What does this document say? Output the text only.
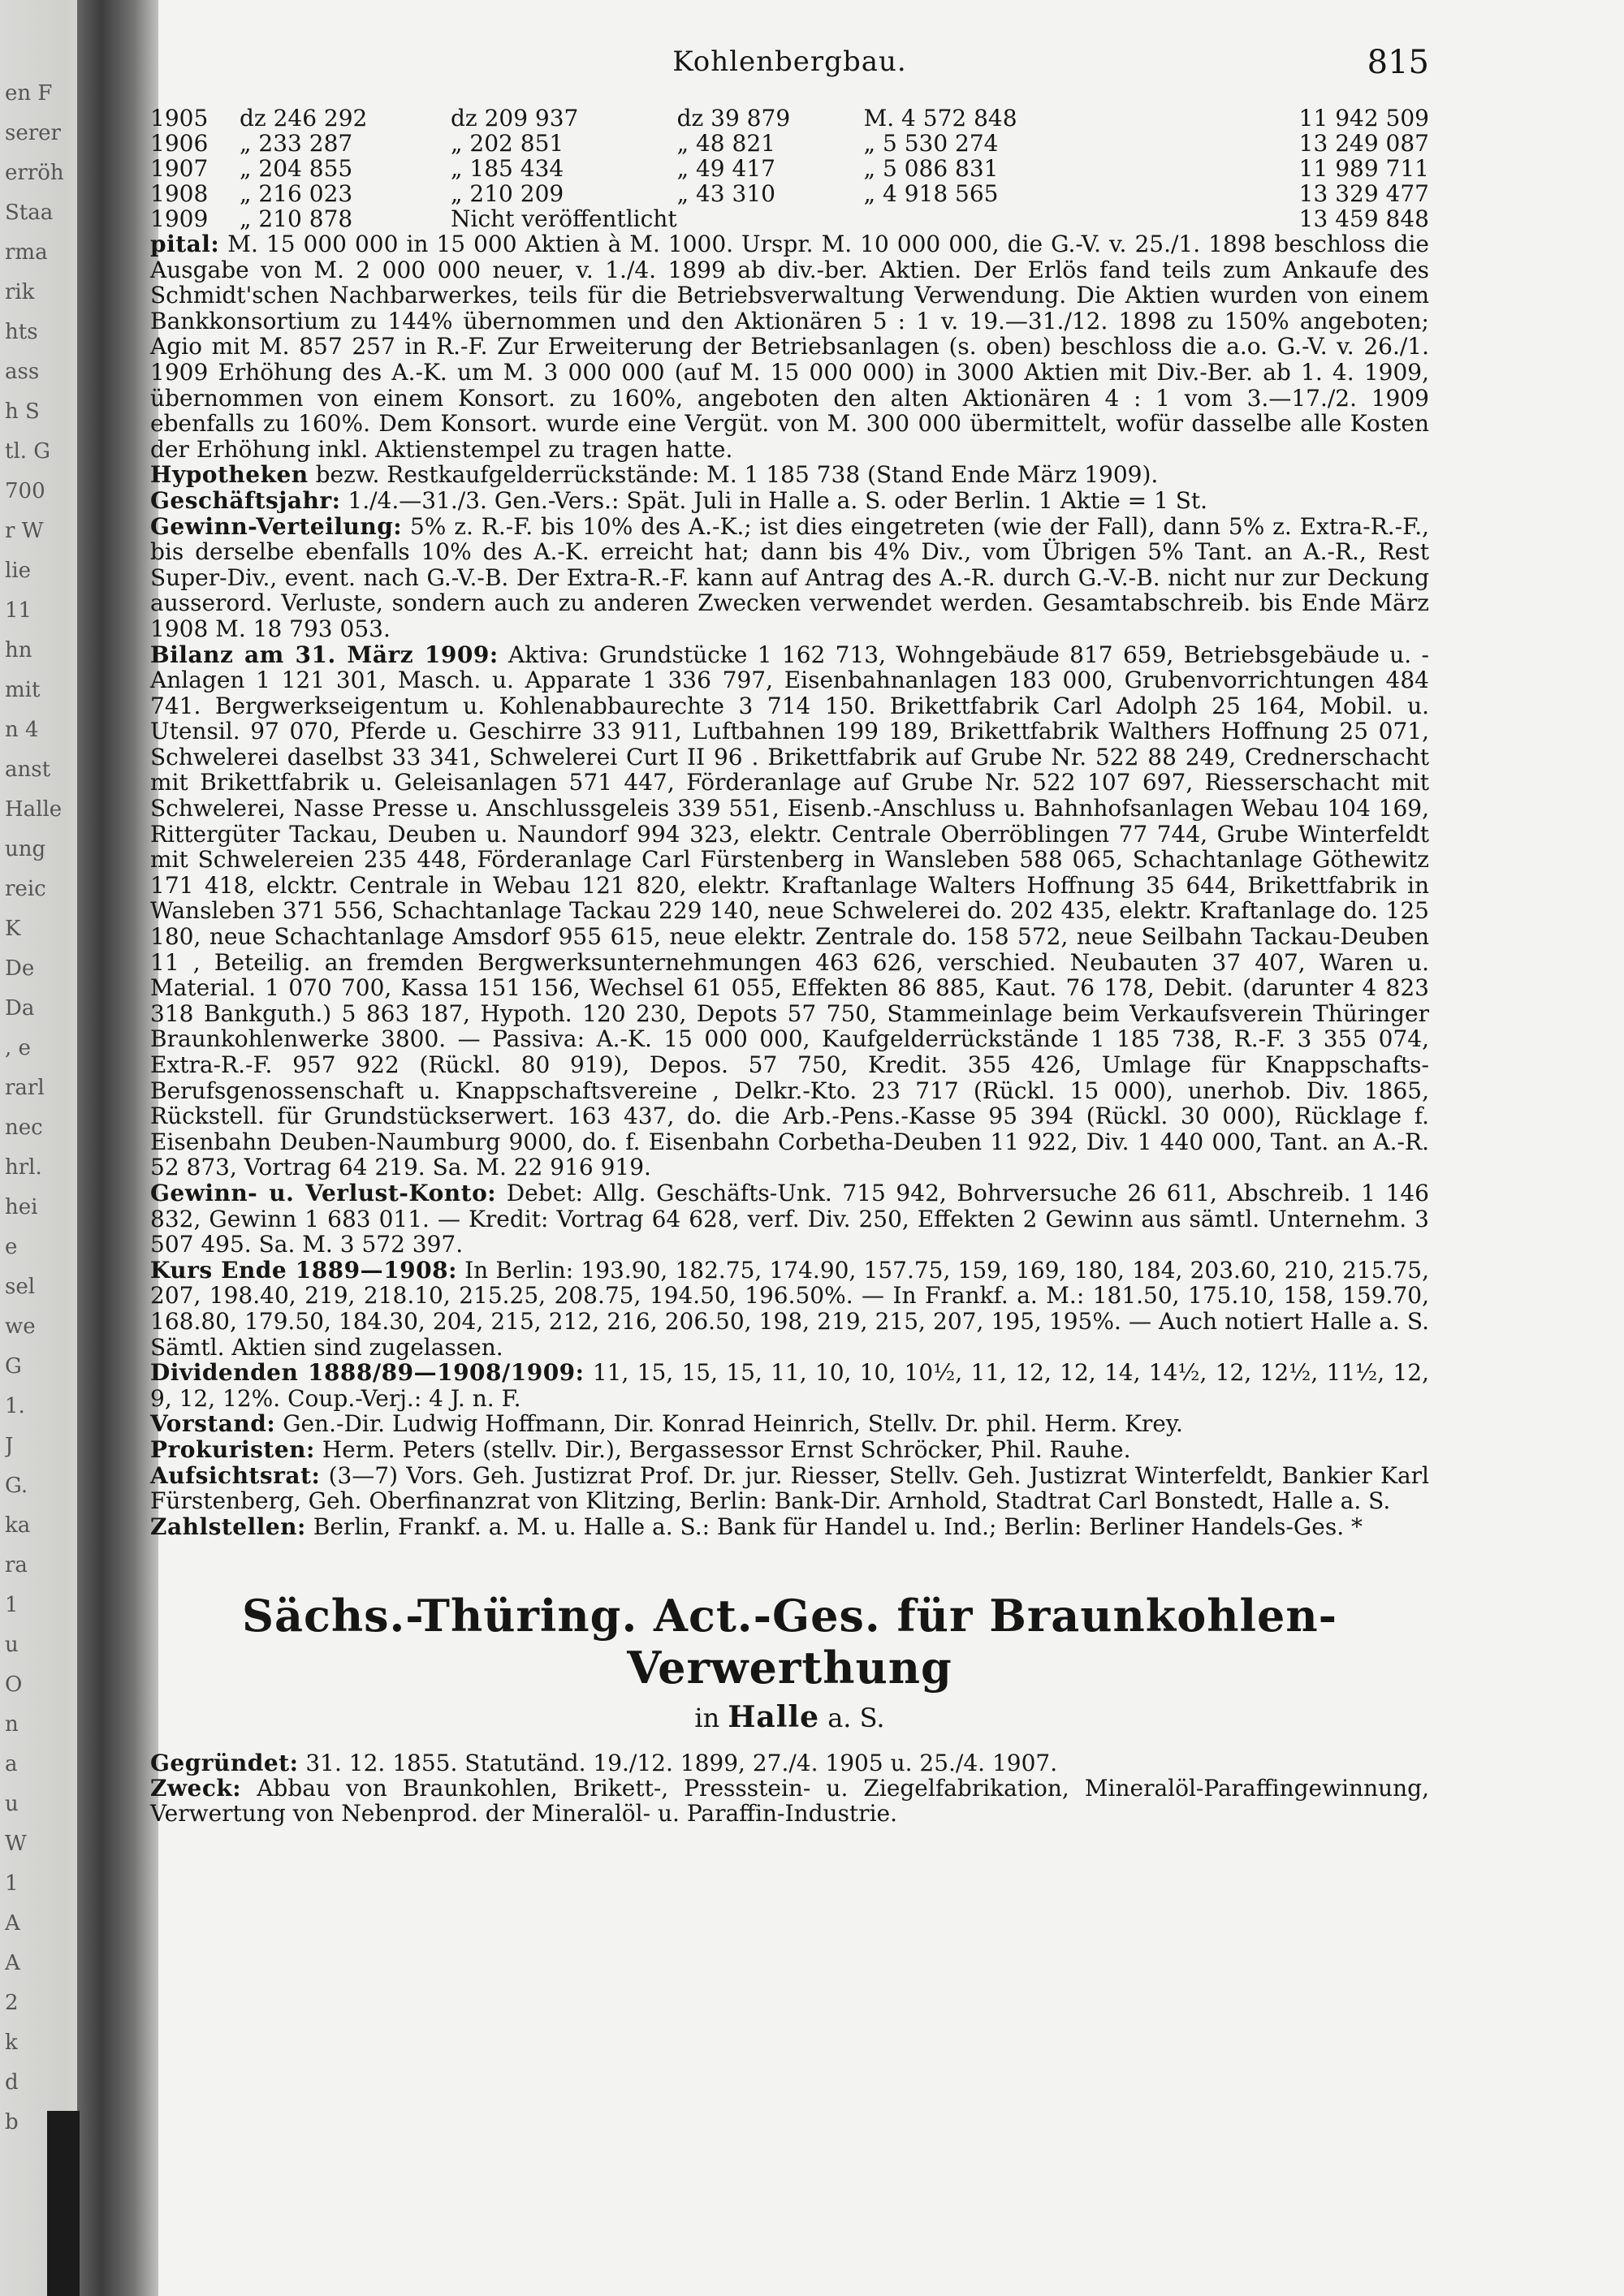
en F
serer
erröh
Staa
rma
rik
hts
ass
h S
tl. G
700
r W
lie
11
hn
mit
n 4
anst
Halle
ung
reic
K
De
Da
, e
rarl
nec
hrl.
hei
e
sel
we
G
1.
J
G.
ka
ra
1
u
O
n
a
u
W
1
A
A
2
k
d
b
Kohlenbergbau.	815
1905	dz 246 292	dz 209 937	dz 39 879	M. 4 572 848	11 942 509
1906	„ 233 287	„ 202 851	„ 48 821	„ 5 530 274	13 249 087
1907	„ 204 855	„ 185 434	„ 49 417	„ 5 086 831	11 989 711
1908	„ 216 023	„ 210 209	„ 43 310	„ 4 918 565	13 329 477
1909	„ 210 878	Nicht veröffentlicht			13 459 848

pital: M. 15 000 000 in 15 000 Aktien à M. 1000. Urspr. M. 10 000 000, die G.-V. v. 25./1. 1898 beschloss die Ausgabe von M. 2 000 000 neuer, v. 1./4. 1899 ab div.-ber. Aktien. Der Erlös fand teils zum Ankaufe des Schmidt'schen Nachbarwerkes, teils für die Betriebsverwaltung Verwendung. Die Aktien wurden von einem Bankkonsortium zu 144% übernommen und den Aktionären 5 : 1 v. 19.—31./12. 1898 zu 150% angeboten; Agio mit M. 857 257 in R.-F. Zur Erweiterung der Betriebsanlagen (s. oben) beschloss die a.o. G.-V. v. 26./1. 1909 Erhöhung des A.-K. um M. 3 000 000 (auf M. 15 000 000) in 3000 Aktien mit Div.-Ber. ab 1. 4. 1909, übernommen von einem Konsort. zu 160%, angeboten den alten Aktionären 4 : 1 vom 3.—17./2. 1909 ebenfalls zu 160%. Dem Konsort. wurde eine Vergüt. von M. 300 000 übermittelt, wofür dasselbe alle Kosten der Erhöhung inkl. Aktienstempel zu tragen hatte.

Hypotheken bezw. Restkaufgelderrückstände: M. 1 185 738 (Stand Ende März 1909).

Geschäftsjahr: 1./4.—31./3. Gen.-Vers.: Spät. Juli in Halle a. S. oder Berlin. 1 Aktie = 1 St.

Gewinn-Verteilung: 5% z. R.-F. bis 10% des A.-K.; ist dies eingetreten (wie der Fall), dann 5% z. Extra-R.-F., bis derselbe ebenfalls 10% des A.-K. erreicht hat; dann bis 4% Div., vom Übrigen 5% Tant. an A.-R., Rest Super-Div., event. nach G.-V.-B. Der Extra-R.-F. kann auf Antrag des A.-R. durch G.-V.-B. nicht nur zur Deckung ausserord. Verluste, sondern auch zu anderen Zwecken verwendet werden. Gesamtabschreib. bis Ende März 1908 M. 18 793 053.

Bilanz am 31. März 1909: Aktiva: Grundstücke 1 162 713, Wohngebäude 817 659, Betriebsgebäude u. -Anlagen 1 121 301, Masch. u. Apparate 1 336 797, Eisenbahnanlagen 183 000, Grubenvorrichtungen 484 741. Bergwerkseigentum u. Kohlenabbaurechte 3 714 150. Brikettfabrik Carl Adolph 25 164, Mobil. u. Utensil. 97 070, Pferde u. Geschirre 33 911, Luftbahnen 199 189, Brikettfabrik Walthers Hoffnung 25 071, Schwelerei daselbst 33 341, Schwelerei Curt II 96 . Brikettfabrik auf Grube Nr. 522 88 249, Crednerschacht mit Brikettfabrik u. Geleisanlagen 571 447, Förderanlage auf Grube Nr. 522 107 697, Riesserschacht mit Schwelerei, Nasse Presse u. Anschlussgeleis 339 551, Eisenb.-Anschluss u. Bahnhofsanlagen Webau 104 169, Rittergüter Tackau, Deuben u. Naundorf 994 323, elektr. Centrale Oberröblingen 77 744, Grube Winterfeldt mit Schwelereien 235 448, Förderanlage Carl Fürstenberg in Wansleben 588 065, Schachtanlage Göthewitz 171 418, elcktr. Centrale in Webau 121 820, elektr. Kraftanlage Walters Hoffnung 35 644, Brikettfabrik in Wansleben 371 556, Schachtanlage Tackau 229 140, neue Schwelerei do. 202 435, elektr. Kraftanlage do. 125 180, neue Schachtanlage Amsdorf 955 615, neue elektr. Zentrale do. 158 572, neue Seilbahn Tackau-Deuben 11 , Beteilig. an fremden Bergwerksunternehmungen 463 626, verschied. Neubauten 37 407, Waren u. Material. 1 070 700, Kassa 151 156, Wechsel 61 055, Effekten 86 885, Kaut. 76 178, Debit. (darunter 4 823 318 Bankguth.) 5 863 187, Hypoth. 120 230, Depots 57 750, Stammeinlage beim Verkaufsverein Thüringer Braunkohlenwerke 3800. — Passiva: A.-K. 15 000 000, Kaufgelderrückstände 1 185 738, R.-F. 3 355 074, Extra-R.-F. 957 922 (Rückl. 80 919), Depos. 57 750, Kredit. 355 426, Umlage für Knappschafts-Berufsgenossenschaft u. Knappschaftsvereine , Delkr.-Kto. 23 717 (Rückl. 15 000), unerhob. Div. 1865, Rückstell. für Grundstückserwert. 163 437, do. die Arb.-Pens.-Kasse 95 394 (Rückl. 30 000), Rücklage f. Eisenbahn Deuben-Naumburg 9000, do. f. Eisenbahn Corbetha-Deuben 11 922, Div. 1 440 000, Tant. an A.-R. 52 873, Vortrag 64 219. Sa. M. 22 916 919.

Gewinn- u. Verlust-Konto: Debet: Allg. Geschäfts-Unk. 715 942, Bohrversuche 26 611, Abschreib. 1 146 832, Gewinn 1 683 011. — Kredit: Vortrag 64 628, verf. Div. 250, Effekten 2 Gewinn aus sämtl. Unternehm. 3 507 495. Sa. M. 3 572 397.

Kurs Ende 1889—1908: In Berlin: 193.90, 182.75, 174.90, 157.75, 159, 169, 180, 184, 203.60, 210, 215.75, 207, 198.40, 219, 218.10, 215.25, 208.75, 194.50, 196.50%. — In Frankf. a. M.: 181.50, 175.10, 158, 159.70, 168.80, 179.50, 184.30, 204, 215, 212, 216, 206.50, 198, 219, 215, 207, 195, 195%. — Auch notiert Halle a. S. Sämtl. Aktien sind zugelassen.

Dividenden 1888/89—1908/1909: 11, 15, 15, 15, 11, 10, 10, 10½, 11, 12, 12, 14, 14½, 12, 12½, 11½, 12, 9, 12, 12%. Coup.-Verj.: 4 J. n. F.

Vorstand: Gen.-Dir. Ludwig Hoffmann, Dir. Konrad Heinrich, Stellv. Dr. phil. Herm. Krey.

Prokuristen: Herm. Peters (stellv. Dir.), Bergassessor Ernst Schröcker, Phil. Rauhe.

Aufsichtsrat: (3—7) Vors. Geh. Justizrat Prof. Dr. jur. Riesser, Stellv. Geh. Justizrat Winterfeldt, Bankier Karl Fürstenberg, Geh. Oberfinanzrat von Klitzing, Berlin: Bank-Dir. Arnhold, Stadtrat Carl Bonstedt, Halle a. S.

Zahlstellen: Berlin, Frankf. a. M. u. Halle a. S.: Bank für Handel u. Ind.; Berlin: Berliner Handels-Ges. *

Sächs.-Thüring. Act.-Ges. für Braunkohlen-Verwerthung
in Halle a. S.

Gegründet: 31. 12. 1855. Statutänd. 19./12. 1899, 27./4. 1905 u. 25./4. 1907.

Zweck: Abbau von Braunkohlen, Brikett-, Pressstein- u. Ziegelfabrikation, Mineralöl-Paraffingewinnung, Verwertung von Nebenprod. der Mineralöl- u. Paraffin-Industrie.
